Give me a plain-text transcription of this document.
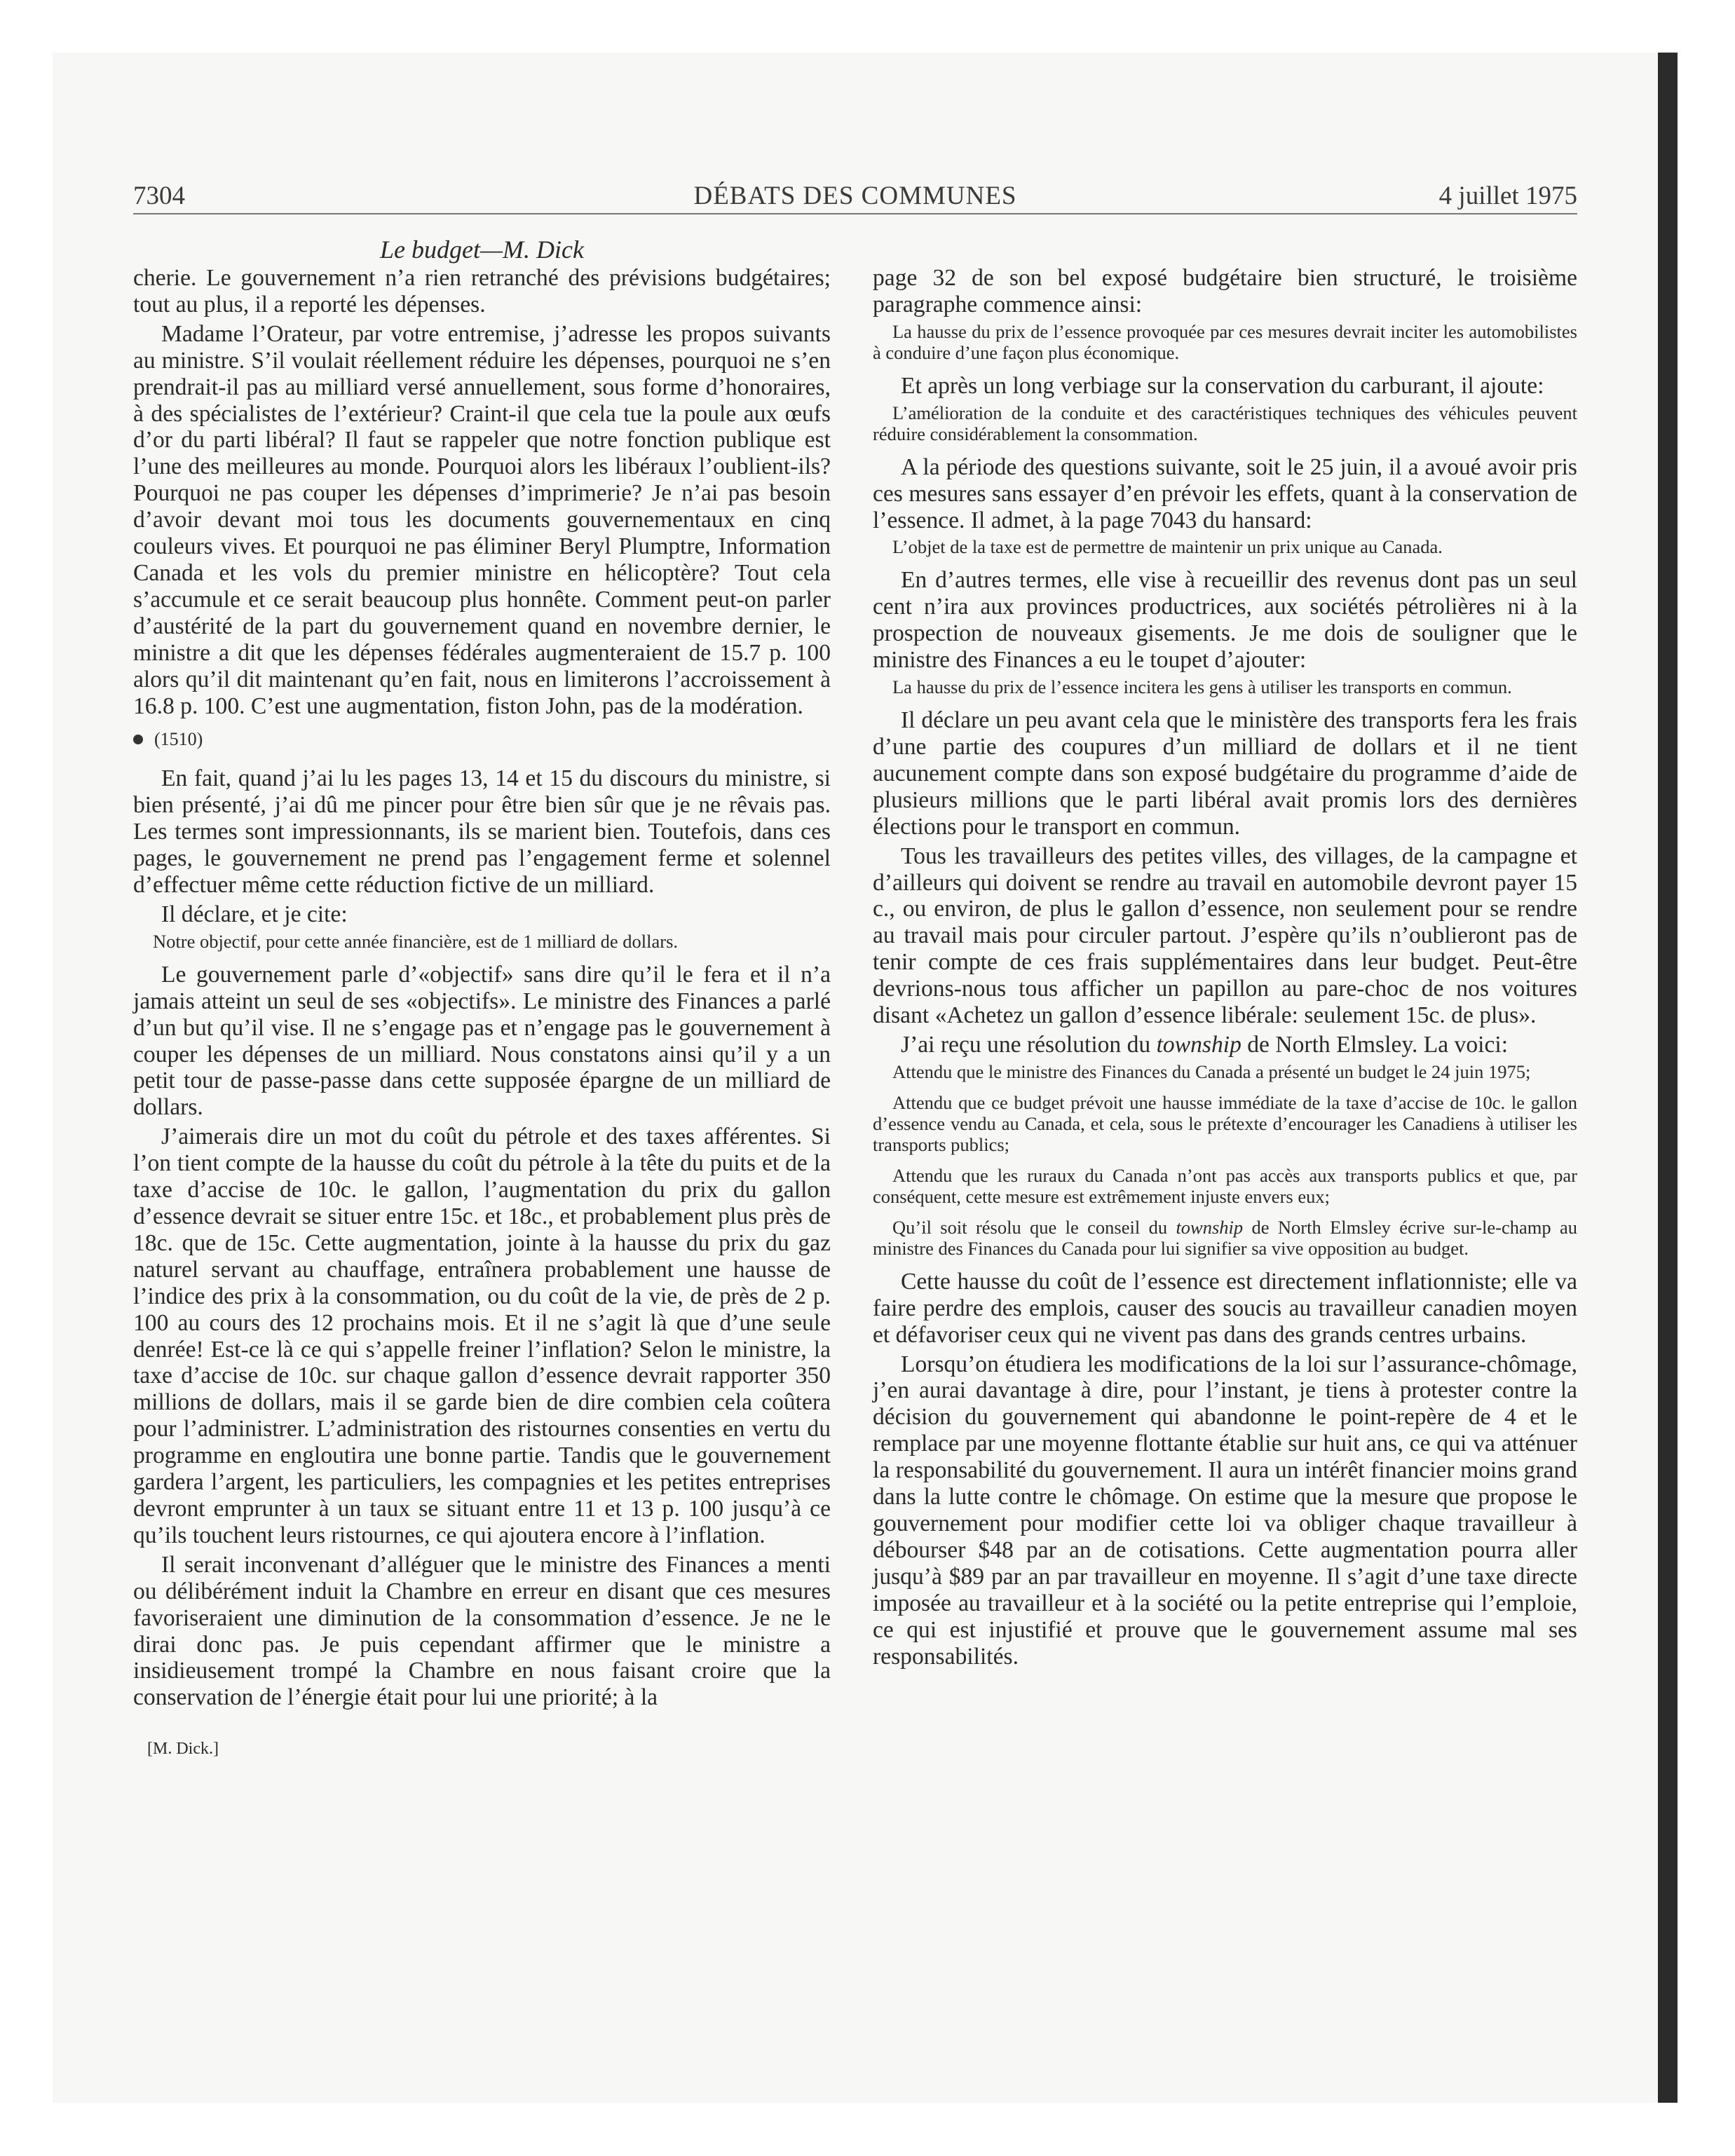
7304	DÉBATS DES COMMUNES	4 juillet 1975
Le budget—M. Dick

cherie. Le gouvernement n’a rien retranché des prévisions budgétaires; tout au plus, il a reporté les dépenses.

Madame l’Orateur, par votre entremise, j’adresse les propos suivants au ministre. S’il voulait réellement réduire les dépenses, pourquoi ne s’en prendrait-il pas au milliard versé annuellement, sous forme d’honoraires, à des spécialistes de l’extérieur? Craint-il que cela tue la poule aux œufs d’or du parti libéral? Il faut se rappeler que notre fonction publique est l’une des meilleures au monde. Pourquoi alors les libéraux l’oublient-ils? Pourquoi ne pas couper les dépenses d’imprimerie? Je n’ai pas besoin d’avoir devant moi tous les documents gouvernementaux en cinq couleurs vives. Et pourquoi ne pas éliminer Beryl Plumptre, Information Canada et les vols du premier ministre en hélicoptère? Tout cela s’accumule et ce serait beaucoup plus honnête. Comment peut-on parler d’austérité de la part du gouvernement quand en novembre dernier, le ministre a dit que les dépenses fédérales augmenteraient de 15.7 p. 100 alors qu’il dit maintenant qu’en fait, nous en limiterons l’accroissement à 16.8 p. 100. C’est une augmentation, fiston John, pas de la modération.

(1510)

En fait, quand j’ai lu les pages 13, 14 et 15 du discours du ministre, si bien présenté, j’ai dû me pincer pour être bien sûr que je ne rêvais pas. Les termes sont impressionnants, ils se marient bien. Toutefois, dans ces pages, le gouvernement ne prend pas l’engagement ferme et solennel d’effectuer même cette réduction fictive de un milliard.

Il déclare, et je cite:

Notre objectif, pour cette année financière, est de 1 milliard de dollars.

Le gouvernement parle d’«objectif» sans dire qu’il le fera et il n’a jamais atteint un seul de ses «objectifs». Le ministre des Finances a parlé d’un but qu’il vise. Il ne s’engage pas et n’engage pas le gouvernement à couper les dépenses de un milliard. Nous constatons ainsi qu’il y a un petit tour de passe-passe dans cette supposée épargne de un milliard de dollars.

J’aimerais dire un mot du coût du pétrole et des taxes afférentes. Si l’on tient compte de la hausse du coût du pétrole à la tête du puits et de la taxe d’accise de 10c. le gallon, l’augmentation du prix du gallon d’essence devrait se situer entre 15c. et 18c., et probablement plus près de 18c. que de 15c. Cette augmentation, jointe à la hausse du prix du gaz naturel servant au chauffage, entraînera probablement une hausse de l’indice des prix à la consommation, ou du coût de la vie, de près de 2 p. 100 au cours des 12 prochains mois. Et il ne s’agit là que d’une seule denrée! Est-ce là ce qui s’appelle freiner l’inflation? Selon le ministre, la taxe d’accise de 10c. sur chaque gallon d’essence devrait rapporter 350 millions de dollars, mais il se garde bien de dire combien cela coûtera pour l’administrer. L’administration des ristournes consenties en vertu du programme en engloutira une bonne partie. Tandis que le gouvernement gardera l’argent, les particuliers, les compagnies et les petites entreprises devront emprunter à un taux se situant entre 11 et 13 p. 100 jusqu’à ce qu’ils touchent leurs ristournes, ce qui ajoutera encore à l’inflation.

Il serait inconvenant d’alléguer que le ministre des Finances a menti ou délibérément induit la Chambre en erreur en disant que ces mesures favoriseraient une diminution de la consommation d’essence. Je ne le dirai donc pas. Je puis cependant affirmer que le ministre a insidieusement trompé la Chambre en nous faisant croire que la conservation de l’énergie était pour lui une priorité; à la

[M. Dick.]

page 32 de son bel exposé budgétaire bien structuré, le troisième paragraphe commence ainsi:

La hausse du prix de l’essence provoquée par ces mesures devrait inciter les automobilistes à conduire d’une façon plus économique.

Et après un long verbiage sur la conservation du carburant, il ajoute:

L’amélioration de la conduite et des caractéristiques techniques des véhicules peuvent réduire considérablement la consommation.

A la période des questions suivante, soit le 25 juin, il a avoué avoir pris ces mesures sans essayer d’en prévoir les effets, quant à la conservation de l’essence. Il admet, à la page 7043 du hansard:

L’objet de la taxe est de permettre de maintenir un prix unique au Canada.

En d’autres termes, elle vise à recueillir des revenus dont pas un seul cent n’ira aux provinces productrices, aux sociétés pétrolières ni à la prospection de nouveaux gisements. Je me dois de souligner que le ministre des Finances a eu le toupet d’ajouter:

La hausse du prix de l’essence incitera les gens à utiliser les transports en commun.

Il déclare un peu avant cela que le ministère des transports fera les frais d’une partie des coupures d’un milliard de dollars et il ne tient aucunement compte dans son exposé budgétaire du programme d’aide de plusieurs millions que le parti libéral avait promis lors des dernières élections pour le transport en commun.

Tous les travailleurs des petites villes, des villages, de la campagne et d’ailleurs qui doivent se rendre au travail en automobile devront payer 15 c., ou environ, de plus le gallon d’essence, non seulement pour se rendre au travail mais pour circuler partout. J’espère qu’ils n’oublieront pas de tenir compte de ces frais supplémentaires dans leur budget. Peut-être devrions-nous tous afficher un papillon au pare-choc de nos voitures disant «Achetez un gallon d’essence libérale: seulement 15c. de plus».

J’ai reçu une résolution du township de North Elmsley. La voici:

Attendu que le ministre des Finances du Canada a présenté un budget le 24 juin 1975;
Attendu que ce budget prévoit une hausse immédiate de la taxe d’accise de 10c. le gallon d’essence vendu au Canada, et cela, sous le prétexte d’encourager les Canadiens à utiliser les transports publics;
Attendu que les ruraux du Canada n’ont pas accès aux transports publics et que, par conséquent, cette mesure est extrêmement injuste envers eux;
Qu’il soit résolu que le conseil du township de North Elmsley écrive sur-le-champ au ministre des Finances du Canada pour lui signifier sa vive opposition au budget.

Cette hausse du coût de l’essence est directement inflationniste; elle va faire perdre des emplois, causer des soucis au travailleur canadien moyen et défavoriser ceux qui ne vivent pas dans des grands centres urbains.

Lorsqu’on étudiera les modifications de la loi sur l’assurance-chômage, j’en aurai davantage à dire, pour l’instant, je tiens à protester contre la décision du gouvernement qui abandonne le point-repère de 4 et le remplace par une moyenne flottante établie sur huit ans, ce qui va atténuer la responsabilité du gouvernement. Il aura un intérêt financier moins grand dans la lutte contre le chômage. On estime que la mesure que propose le gouvernement pour modifier cette loi va obliger chaque travailleur à débourser $48 par an de cotisations. Cette augmentation pourra aller jusqu’à $89 par an par travailleur en moyenne. Il s’agit d’une taxe directe imposée au travailleur et à la société ou la petite entreprise qui l’emploie, ce qui est injustifié et prouve que le gouvernement assume mal ses responsabilités.
